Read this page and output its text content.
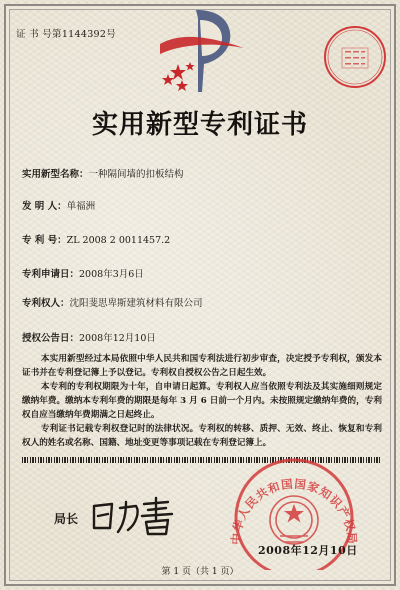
证 书 号第1144392号
实用新型专利证书
实用新型名称：一种隔间墙的扣板结构
发 明 人：单福洲
专 利 号：ZL 2008 2 0011457.2
专利申请日：2008年3月6日
专利权人：沈阳斐思卑斯建筑材料有限公司
授权公告日：2008年12月10日
本实用新型经过本局依照中华人民共和国专利法进行初步审查，决定授予专利权，颁发本证书并在专利登记簿上予以登记。专利权自授权公告之日起生效。
本专利的专利权期限为十年，自申请日起算。专利权人应当依照专利法及其实施细则规定缴纳年费。缴纳本专利年费的期限是每年 3 月 6 日前一个月内。未按照规定缴纳年费的，专利权自应当缴纳年费期满之日起终止。
专利证书记载专利权登记时的法律状况。专利权的转移、质押、无效、终止、恢复和专利权人的姓名或名称、国籍、地址变更等事项记载在专利登记簿上。
局长
中华人民共和国国家知识产权局
2008年12月10日
第 1 页（共 1 页）
